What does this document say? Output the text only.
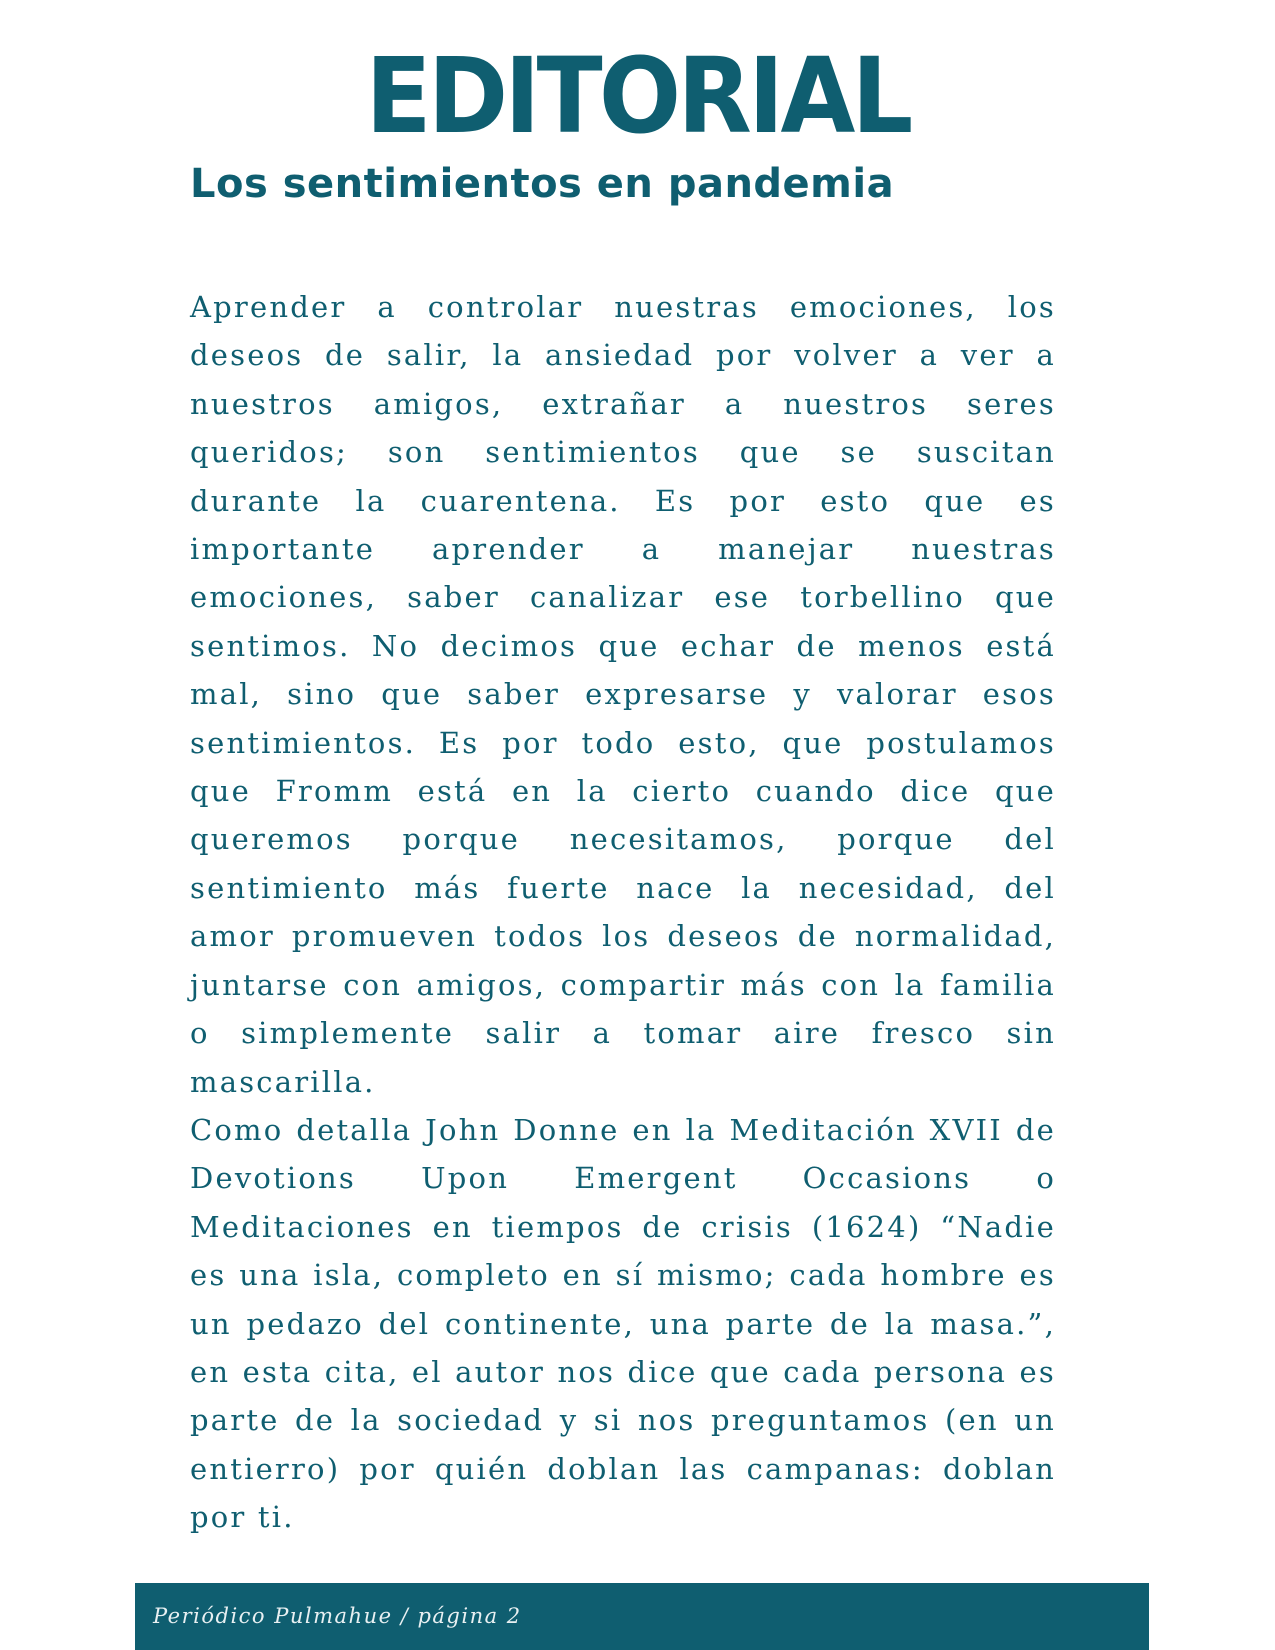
EDITORIAL
Los sentimientos en pandemia

Aprender a controlar nuestras emociones, los deseos de salir, la ansiedad por volver a ver a nuestros amigos, extrañar a nuestros seres queridos; son sentimientos que se suscitan durante la cuarentena. Es por esto que es importante aprender a manejar nuestras emociones, saber canalizar ese torbellino que sentimos. No decimos que echar de menos está mal, sino que saber expresarse y valorar esos sentimientos. Es por todo esto, que postulamos que Fromm está en la cierto cuando dice que queremos porque necesitamos, porque del sentimiento más fuerte nace la necesidad, del amor promueven todos los deseos de normalidad, juntarse con amigos, compartir más con la familia o simplemente salir a tomar aire fresco sin mascarilla.

Como detalla John Donne en la Meditación XVII de Devotions Upon Emergent Occasions o Meditaciones en tiempos de crisis (1624) “Nadie es una isla, completo en sí mismo; cada hombre es un pedazo del continente, una parte de la masa.”, en esta cita, el autor nos dice que cada persona es parte de la sociedad y si nos preguntamos (en un entierro) por quién doblan las campanas: doblan por ti.

Periódico Pulmahue / página 2
